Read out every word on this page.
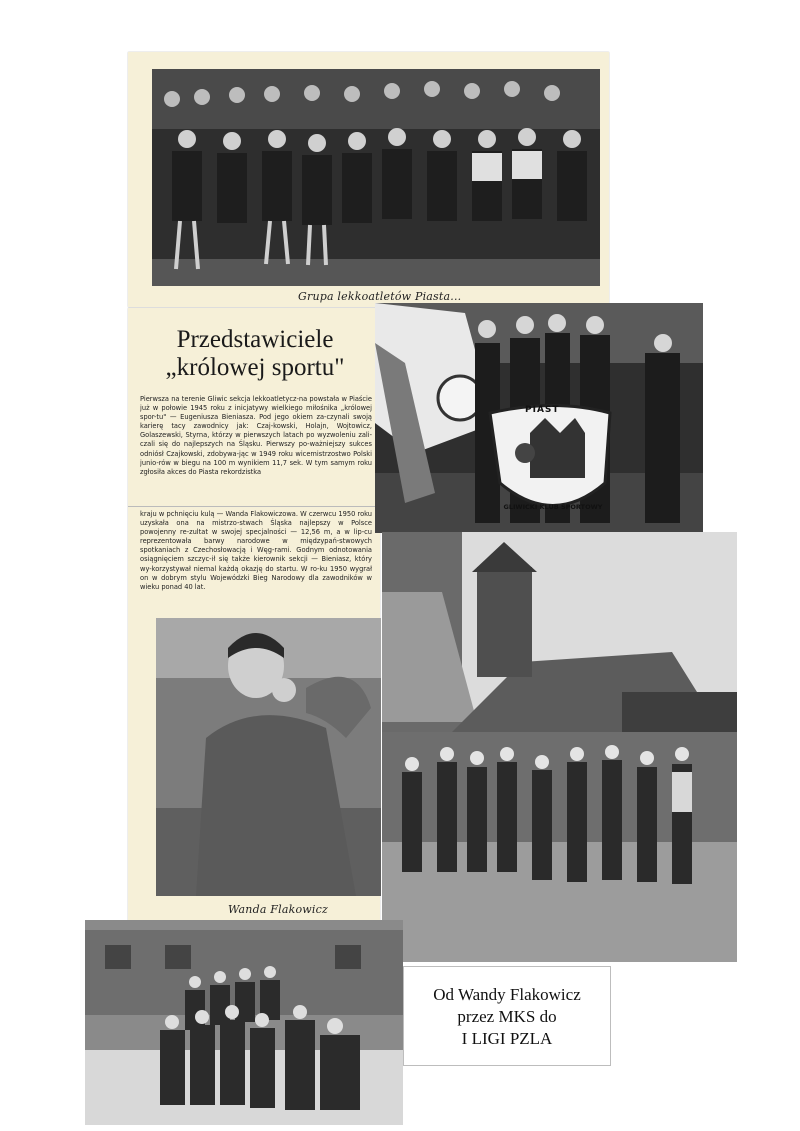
Grupa lekkoatletów Piasta...
Przedstawiciele
„królowej sportu"
Pierwsza na terenie Gliwic sekcja lekkoatletycz-na powstała w Piaście już w połowie 1945 roku z inicjatywy wielkiego miłośnika „królowej spor-tu" — Eugeniusza Bieniasza. Pod jego okiem za-czynali swoją karierę tacy zawodnicy jak: Czaj-kowski, Holajn, Wojtowicz, Golaszewski, Styrna, którzy w pierwszych latach po wyzwoleniu zali-czali się do najlepszych na Śląsku. Pierwszy po-ważniejszy sukces odniósł Czajkowski, zdobywa-jąc w 1949 roku wicemistrzostwo Polski junio-rów w biegu na 100 m wynikiem 11,7 sek. W tym samym roku zgłosiła akces do Piasta rekordzistka
kraju w pchnięciu kulą — Wanda Flakowiczowa. W czerwcu 1950 roku uzyskała ona na mistrzo-stwach Śląska najlepszy w Polsce powojenny re-zultat w swojej specjalności — 12,56 m, a w lip-cu reprezentowała barwy narodowe w międzypań-stwowych spotkaniach z Czechosłowacją i Węg-rami. Godnym odnotowania osiągnięciem szczyc-ił się także kierownik sekcji — Bieniasz, który wy-korzystywał niemal każdą okazję do startu. W ro-ku 1950 wygrał on w dobrym stylu Wojewódzki Bieg Narodowy dla zawodników w wieku ponad 40 lat.
Wanda Flakowicz
PIAST
GLIWICKI KLUB SPORTOWY
Od Wandy Flakowicz
przez MKS do
I LIGI PZLA
